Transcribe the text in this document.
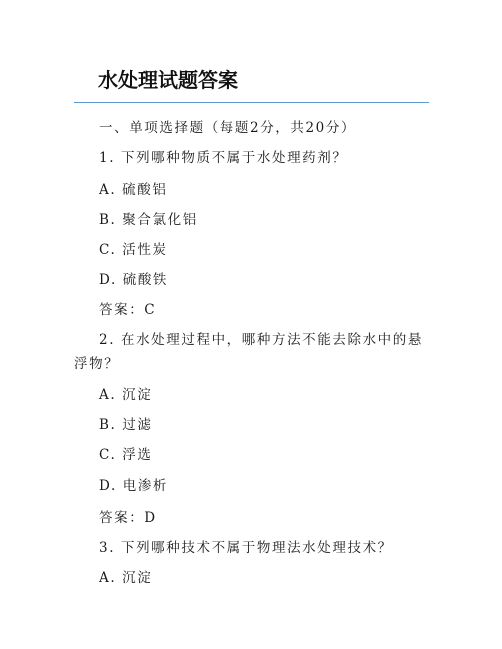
水处理试题答案
一、单项选择题（每题2分，共20分）
1. 下列哪种物质不属于水处理药剂？
A. 硫酸铝
B. 聚合氯化铝
C. 活性炭
D. 硫酸铁
答案：C
2. 在水处理过程中，哪种方法不能去除水中的悬
浮物？
A. 沉淀
B. 过滤
C. 浮选
D. 电渗析
答案：D
3. 下列哪种技术不属于物理法水处理技术？
A. 沉淀
